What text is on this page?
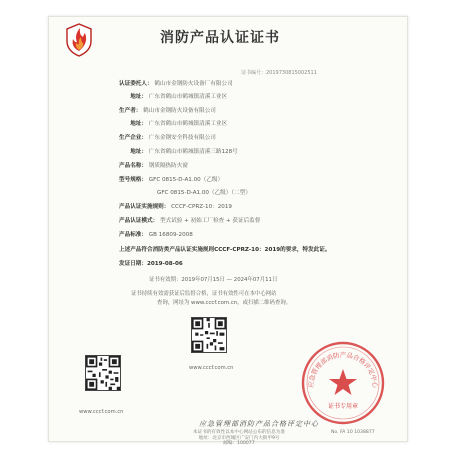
消防产品认证证书
证书编号：2019730815002511
认证委托人： 鹤山市金钢防火设备厂有限公司
地址： 广东省鹤山市鹤城镇清溪工业区
生产者： 鹤山市金钢防火设备有限公司
地址： 广东省鹤山市鹤城镇清溪工业区
生产企业： 广东金钢安全科技有限公司
地址： 广东省鹤山市鹤城镇清溪三路128号
产品名称： 钢质隔热防火窗
型号规格： GFC 0815-D-A1.00（乙级）
GFC 0815-D-A1.00（乙级）（二型）
产品认证实施规则： CCCF-CPRZ-10：2019
产品认证模式： 型式试验 + 初始工厂检查 + 获证后监督
产品标准： GB 16809-2008
上述产品符合消防类产品认证实施规则CCCF-CPRZ-10：2019的要求，特发此证。
发证日期：2019-08-06
证书有效期：2019年07月15日 — 2024年07月11日
证书持续有效需获证后监督合格，证书有效性可在本中心网站
查询，网址为 www.cccf.com.cn，或扫描二维码查询。
www.cccf.com.cn
www.cccf.com.cn
应急管理部消防产品合格评定中心
证书专用章
应急管理部消防产品合格评定中心
本证书的有效性以本中心网站公布的信息为准
地址：北京市西城区广安门内大街甲9号
邮编：100077
No. FA 10 1038877
